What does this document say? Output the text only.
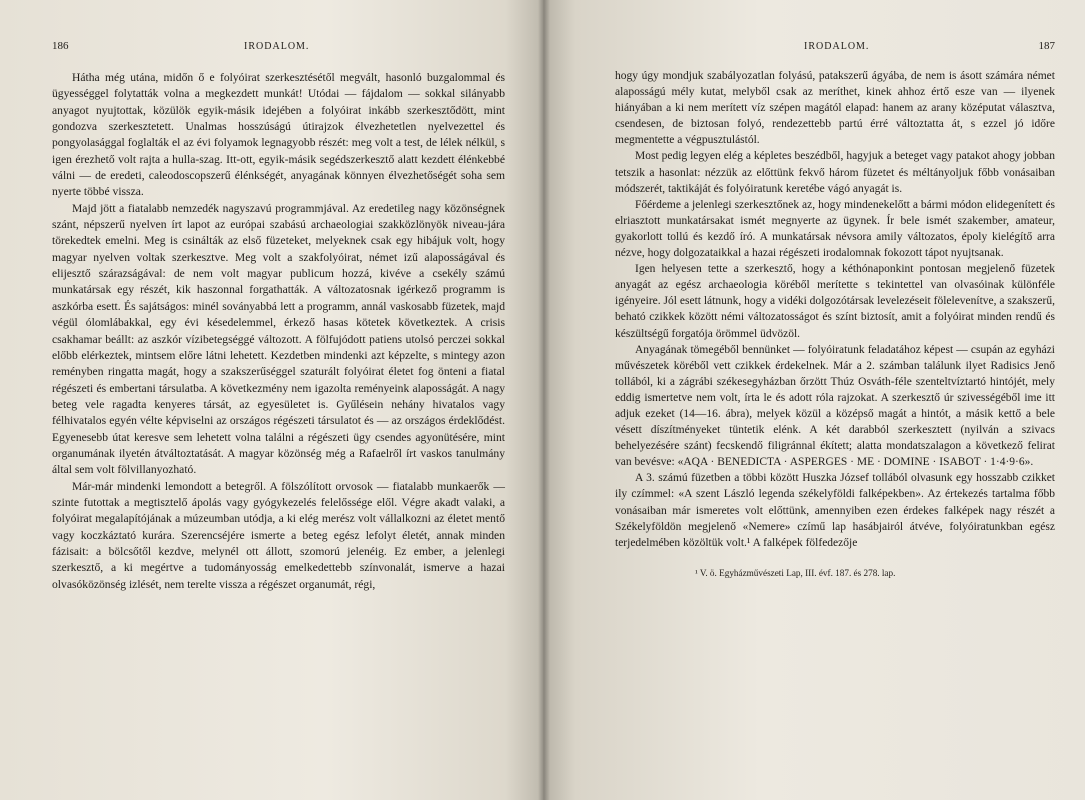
186	IRODALOM.

Hátha még utána, midőn ő e folyóirat szerkesztésétől megvált, hasonló buzgalommal és ügyességgel folytatták volna a megkezdett munkát! Utódai — fájdalom — sokkal silányabb anyagot nyujtottak, közülök egyik-másik idejében a folyóirat inkább szerkesztődött, mint gondozva szerkesztetett. Unalmas hosszúságú útirajzok élvezhetetlen nyelvezettel és pongyolasággal foglalták el az évi folyamok legnagyobb részét: meg volt a test, de lélek nélkül, s igen érezhető volt rajta a hulla-szag. Itt-ott, egyik-másik segédszerkesztő alatt kezdett élénkebbé válni — de eredeti, caleodoscopszerű élénkségét, anyagának könnyen élvezhetőségét soha sem nyerte többé vissza.

Majd jött a fiatalabb nemzedék nagyszavú programmjával. Az eredetileg nagy közönségnek szánt, népszerű nyelven írt lapot az európai szabású archaeologiai szakközlönyök niveau-jára törekedtek emelni. Meg is csinálták az első füzeteket, melyeknek csak egy hibájuk volt, hogy magyar nyelven voltak szerkesztve. Meg volt a szakfolyóirat, német izű alaposságával és elijesztő szárazságával: de nem volt magyar publicum hozzá, kivéve a csekély számú munkatársak egy részét, kik haszonnal forgathatták. A változatosnak igérkező programm is aszkórba esett. És sajátságos: minél soványabbá lett a programm, annál vaskosabb füzetek, majd végül ólomlábakkal, egy évi késedelemmel, érkező hasas kötetek következtek. A crisis csakhamar beállt: az aszkór vízibetegséggé változott. A fölfujódott patiens utolsó perczei sokkal előbb elérkeztek, mintsem előre látni lehetett. Kezdetben mindenki azt képzelte, s mintegy azon reményben ringatta magát, hogy a szakszerűséggel szaturált folyóirat életet fog önteni a fiatal régészeti és embertani társulatba. A következmény nem igazolta reményeink alaposságát. A nagy beteg vele ragadta kenyeres társát, az egyesületet is. Gyűlésein nehány hivatalos vagy félhivatalos egyén vélte képviselni az országos régészeti társulatot és — az országos érdeklődést. Egyenesebb útat keresve sem lehetett volna találni a régészeti ügy csendes agyonütésére, mint organumának ilyetén átváltoztatását. A magyar közönség még a Rafaelről írt vaskos tanulmány által sem volt fölvillanyozható.

Már-már mindenki lemondott a betegről. A fölszólított orvosok — fiatalabb munkaerők — szinte futottak a megtisztelő ápolás vagy gyógykezelés felelőssége elől. Végre akadt valaki, a folyóirat megalapítójának a múzeumban utódja, a ki elég merész volt vállalkozni az életet mentő vagy koczkáztató kurára. Szerencséjére ismerte a beteg egész lefolyt életét, annak minden fázisait: a bölcsőtől kezdve, melynél ott állott, szomorú jelenéig. Ez ember, a jelenlegi szerkesztő, a ki megértve a tudományosság emelkedettebb színvonalát, ismerve a hazai olvasóközönség izlését, nem terelte vissza a régészet organumát, régi,

IRODALOM.	187

hogy úgy mondjuk szabályozatlan folyású, patakszerű ágyába, de nem is ásott számára német alaposságú mély kutat, melyből csak az meríthet, kinek ahhoz értő esze van — ilyenek hiányában a ki nem merített víz szépen magától elapad: hanem az arany középutat választva, csendesen, de biztosan folyó, rendezettebb partú érré változtatta át, s ezzel jó időre megmentette a végpusztulástól.

Most pedig legyen elég a képletes beszédből, hagyjuk a beteget vagy patakot ahogy jobban tetszik a hasonlat: nézzük az előttünk fekvő három füzetet és méltányoljuk főbb vonásaiban módszerét, taktikáját és folyóiratunk keretébe vágó anyagát is.

Főérdeme a jelenlegi szerkesztőnek az, hogy mindenekelőtt a bármi módon elidegenített és elriasztott munkatársakat ismét megnyerte az ügynek. Ír bele ismét szakember, amateur, gyakorlott tollú és kezdő író. A munkatársak névsora amily változatos, époly kielégítő arra nézve, hogy dolgozataikkal a hazai régészeti irodalomnak fokozott tápot nyujtsanak.

Igen helyesen tette a szerkesztő, hogy a kéthónaponkint pontosan megjelenő füzetek anyagát az egész archaeologia köréből merítette s tekintettel van olvasóinak különféle igényeire. Jól esett látnunk, hogy a vidéki dolgozótársak levelezéseit fölelevenítve, a szakszerű, beható czikkek között némi változatosságot és színt biztosít, amit a folyóirat minden rendű és készültségű forgatója örömmel üdvözöl.

Anyagának tömegéből bennünket — folyóiratunk feladatához képest — csupán az egyházi művészetek köréből vett czikkek érdekelnek. Már a 2. számban találunk ilyet Radisics Jenő tollából, ki a zágrábi székesegyházban őrzött Thúz Osváth-féle szenteltvíztartó hintójét, mely eddig ismertetve nem volt, írta le és adott róla rajzokat. A szerkesztő úr szivességéből ime itt adjuk ezeket (14—16. ábra), melyek közül a középső magát a hintót, a másik kettő a bele vésett díszítményeket tüntetik elénk. A két darabból szerkesztett (nyilván a szivacs behelyezésére szánt) fecskendő filigránnal ékített; alatta mondatszalagon a következő felirat van bevésve: «AQA · BENEDICTA · ASPERGES · ME · DOMINE · ISABOT · 1·4·9·6».

A 3. számú füzetben a többi között Huszka József tollából olvasunk egy hosszabb czikket ily czímmel: «A szent László legenda székelyföldi falképekben». Az értekezés tartalma főbb vonásaiban már ismeretes volt előttünk, amennyiben ezen érdekes falképek nagy részét a Székelyföldön megjelenő «Nemere» czímű lap hasábjairól átvéve, folyóiratunkban egész terjedelmében közöltük volt.¹ A falképek fölfedezője

¹ V. ö. Egyházművészeti Lap, III. évf. 187. és 278. lap.
